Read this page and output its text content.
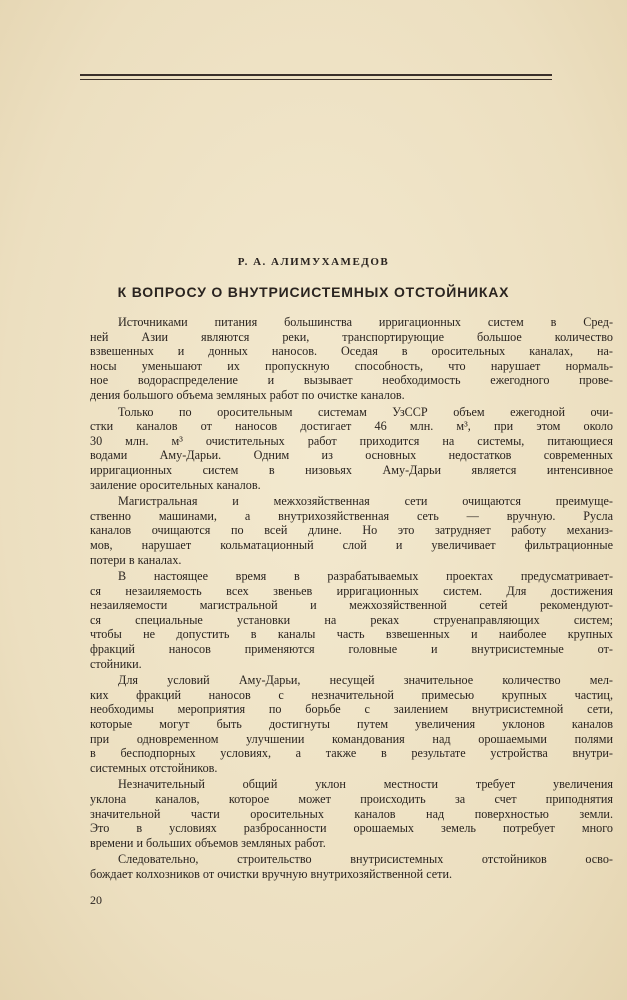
Р. А. АЛИМУХАМЕДОВ
К ВОПРОСУ О ВНУТРИСИСТЕМНЫХ ОТСТОЙНИКАХ
Источниками питания большинства ирригационных систем в Сред-
ней Азии являются реки, транспортирующие большое количество
взвешенных и донных наносов. Оседая в оросительных каналах, на-
носы уменьшают их пропускную способность, что нарушает нормаль-
ное водораспределение и вызывает необходимость ежегодного прове-
дения большого объема земляных работ по очистке каналов.
Только по оросительным системам УзССР объем ежегодной очи-
стки каналов от наносов достигает 46 млн. м³, при этом около
30 млн. м³ очистительных работ приходится на системы, питающиеся
водами Аму-Дарьи. Одним из основных недостатков современных
ирригационных систем в низовьях Аму-Дарьи является интенсивное
заиление оросительных каналов.
Магистральная и межхозяйственная сети очищаются преимуще-
ственно машинами, а внутрихозяйственная сеть — вручную. Русла
каналов очищаются по всей длине. Но это затрудняет работу механиз-
мов, нарушает кольматационный слой и увеличивает фильтрационные
потери в каналах.
В настоящее время в разрабатываемых проектах предусматривает-
ся незаиляемость всех звеньев ирригационных систем. Для достижения
незаиляемости магистральной и межхозяйственной сетей рекомендуют-
ся специальные установки на реках струенаправляющих систем;
чтобы не допустить в каналы часть взвешенных и наиболее крупных
фракций наносов применяются головные и внутрисистемные от-
стойники.
Для условий Аму-Дарьи, несущей значительное количество мел-
ких фракций наносов с незначительной примесью крупных частиц,
необходимы мероприятия по борьбе с заилением внутрисистемной сети,
которые могут быть достигнуты путем увеличения уклонов каналов
при одновременном улучшении командования над орошаемыми полями
в бесподпорных условиях, а также в результате устройства внутри-
системных отстойников.
Незначительный общий уклон местности требует увеличения
уклона каналов, которое может происходить за счет приподнятия
значительной части оросительных каналов над поверхностью земли.
Это в условиях разбросанности орошаемых земель потребует много
времени и больших объемов земляных работ.
Следовательно, строительство внутрисистемных отстойников осво-
бождает колхозников от очистки вручную внутрихозяйственной сети.
20
